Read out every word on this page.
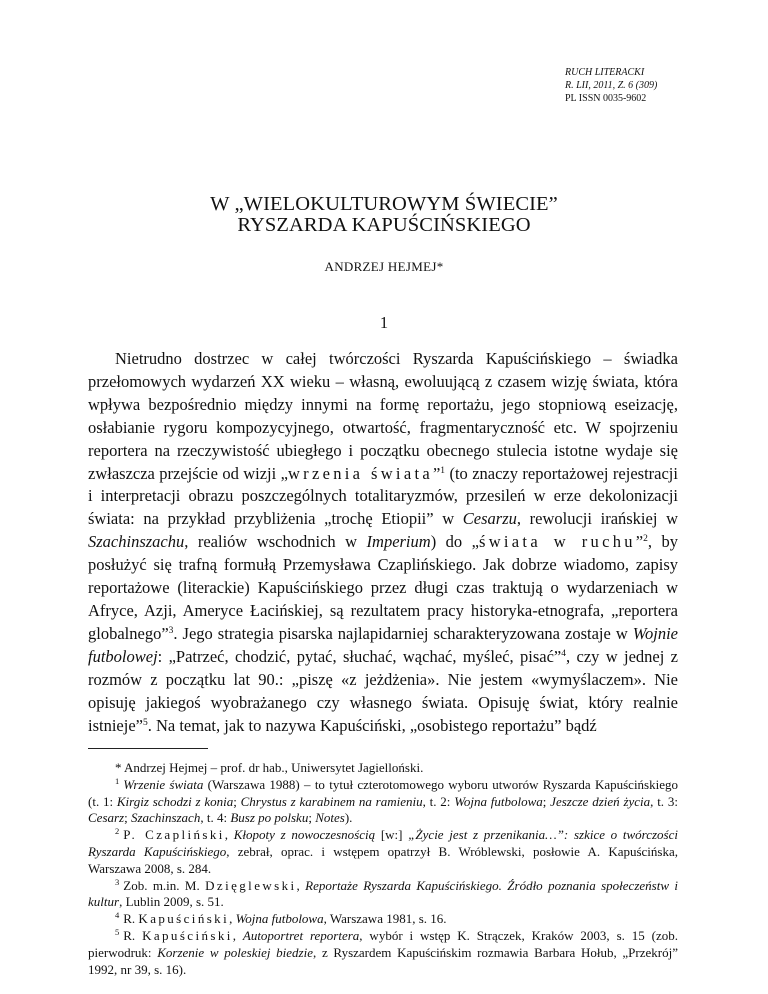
RUCH LITERACKI
R. LII, 2011, Z. 6 (309)
PL ISSN 0035-9602
W „WIELOKULTUROWYM ŚWIECIE”
RYSZARDA KAPUŚCIŃSKIEGO
ANDRZEJ HEJMEJ*
1

Nietrudno dostrzec w całej twórczości Ryszarda Kapuścińskiego – świadka przełomowych wydarzeń XX wieku – własną, ewoluującą z czasem wizję świata, która wpływa bezpośrednio między innymi na formę reportażu, jego stopniową eseizację, osłabianie rygoru kompozycyjnego, otwartość, fragmentaryczność etc. W spojrzeniu reportera na rzeczywistość ubiegłego i początku obecnego stulecia istotne wydaje się zwłaszcza przejście od wizji „wrzenia świata”$^1$ (to znaczy reportażowej rejestracji i interpretacji obrazu poszczególnych totalitaryzmów, przesileń w erze dekolonizacji świata: na przykład przybliżenia „trochę Etiopii” w Cesarzu, rewolucji irańskiej w Szachinszachu, realiów wschodnich w Imperium) do „świata w ruchu”$^2$, by posłużyć się trafną formułą Przemysława Czaplińskiego. Jak dobrze wiadomo, zapisy reportażowe (literackie) Kapuścińskiego przez długi czas traktują o wydarzeniach w Afryce, Azji, Ameryce Łacińskiej, są rezultatem pracy historyka-etnografa, „reportera globalnego”$^3$. Jego strategia pisarska najlapidarniej scharakteryzowana zostaje w Wojnie futbolowej: „Patrzeć, chodzić, pytać, słuchać, wąchać, myśleć, pisać”$^4$, czy w jednej z rozmów z początku lat 90.: „piszę «z jeżdżenia». Nie jestem «wymyślaczem». Nie opisuję jakiegoś wyobrażanego czy własnego świata. Opisuję świat, który realnie istnieje”$^5$. Na temat, jak to nazywa Kapuściński, „osobistego reportażu” bądź

* Andrzej Hejmej – prof. dr hab., Uniwersytet Jagielloński.

$^1$ Wrzenie świata (Warszawa 1988) – to tytuł czterotomowego wyboru utworów Ryszarda Kapuścińskiego (t. 1: Kirgiz schodzi z konia; Chrystus z karabinem na ramieniu, t. 2: Wojna futbolowa; Jeszcze dzień życia, t. 3: Cesarz; Szachinszach, t. 4: Busz po polsku; Notes).

$^2$ P. Czapliński, Kłopoty z nowoczesnością [w:] „Życie jest z przenikania…”: szkice o twórczości Ryszarda Kapuścińskiego, zebrał, oprac. i wstępem opatrzył B. Wróblewski, posłowie A. Kapuścińska, Warszawa 2008, s. 284.

$^3$ Zob. m.in. M. Dzięglewski, Reportaże Ryszarda Kapuścińskiego. Źródło poznania społeczeństw i kultur, Lublin 2009, s. 51.

$^4$ R. Kapuściński, Wojna futbolowa, Warszawa 1981, s. 16.

$^5$ R. Kapuściński, Autoportret reportera, wybór i wstęp K. Strączek, Kraków 2003, s. 15 (zob. pierwodruk: Korzenie w poleskiej biedzie, z Ryszardem Kapuścińskim rozmawia Barbara Hołub, „Przekrój” 1992, nr 39, s. 16).
